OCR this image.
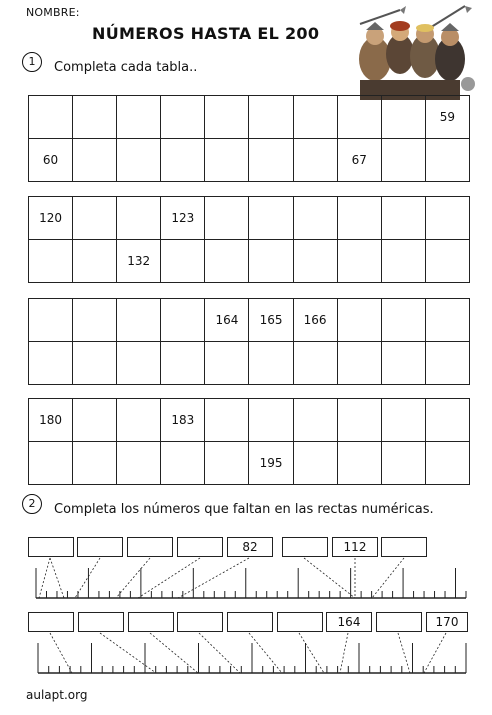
NOMBRE:
NÚMEROS HASTA EL 200
1	Completa cada tabla..
									59
60							67		
120			123						
		132							
				164	165	166			

180			183						
					195				
2	Completa los números que faltan en las rectas numéricas.
82	112
164	170
aulapt.org
